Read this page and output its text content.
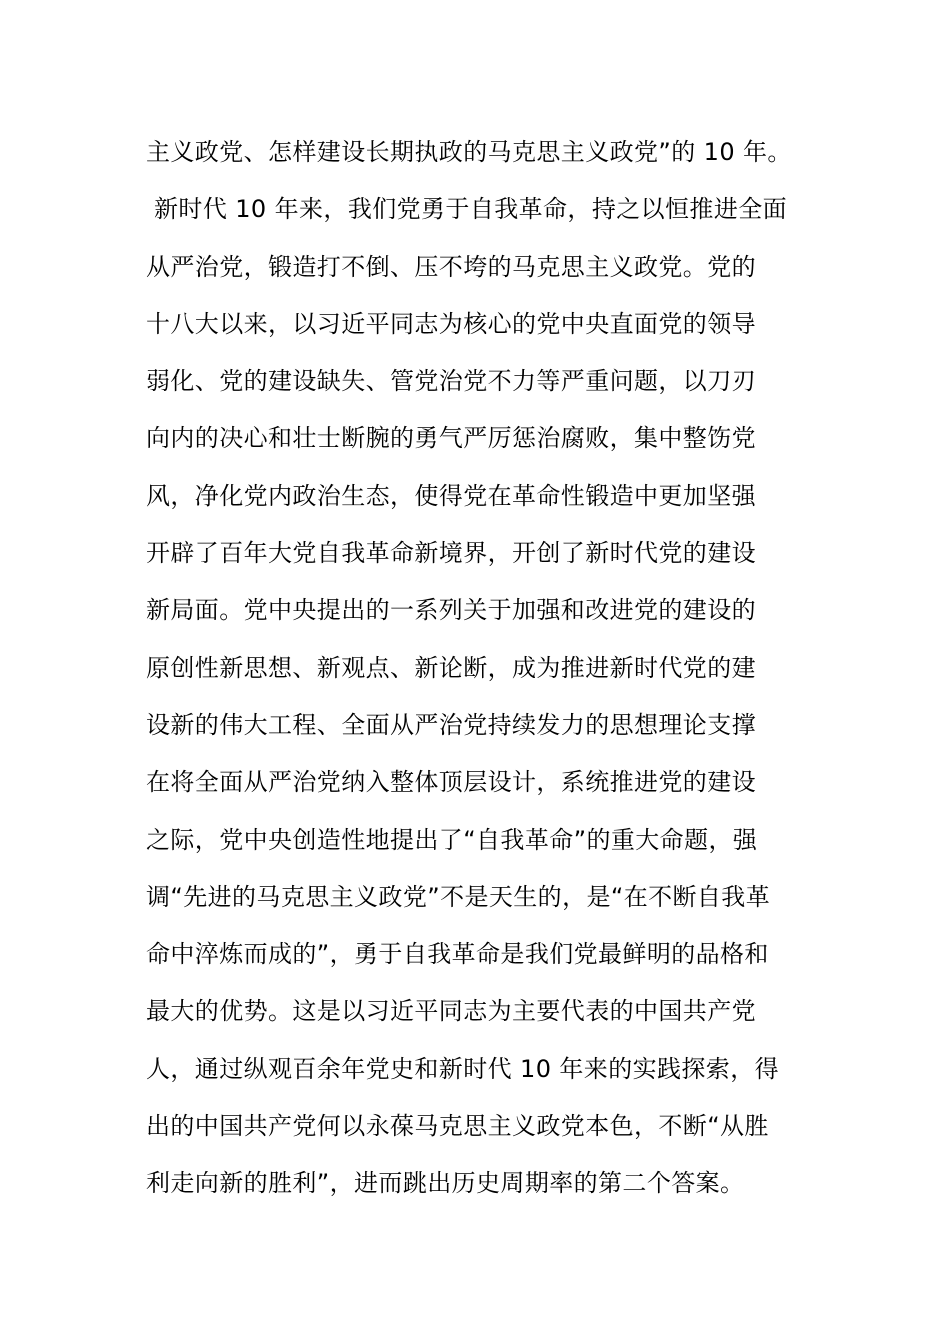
主义政党、怎样建设长期执政的马克思主义政党”的 10 年。
新时代 10 年来，我们党勇于自我革命，持之以恒推进全面
从严治党，锻造打不倒、压不垮的马克思主义政党。党的
十八大以来，以习近平同志为核心的党中央直面党的领导
弱化、党的建设缺失、管党治党不力等严重问题，以刀刃
向内的决心和壮士断腕的勇气严厉惩治腐败，集中整饬党
风，净化党内政治生态，使得党在革命性锻造中更加坚强
开辟了百年大党自我革命新境界，开创了新时代党的建设
新局面。党中央提出的一系列关于加强和改进党的建设的
原创性新思想、新观点、新论断，成为推进新时代党的建
设新的伟大工程、全面从严治党持续发力的思想理论支撑
在将全面从严治党纳入整体顶层设计，系统推进党的建设
之际，党中央创造性地提出了“自我革命”的重大命题，强
调“先进的马克思主义政党”不是天生的，是“在不断自我革
命中淬炼而成的”，勇于自我革命是我们党最鲜明的品格和
最大的优势。这是以习近平同志为主要代表的中国共产党
人，通过纵观百余年党史和新时代 10 年来的实践探索，得
出的中国共产党何以永葆马克思主义政党本色，不断“从胜
利走向新的胜利”，进而跳出历史周期率的第二个答案。
